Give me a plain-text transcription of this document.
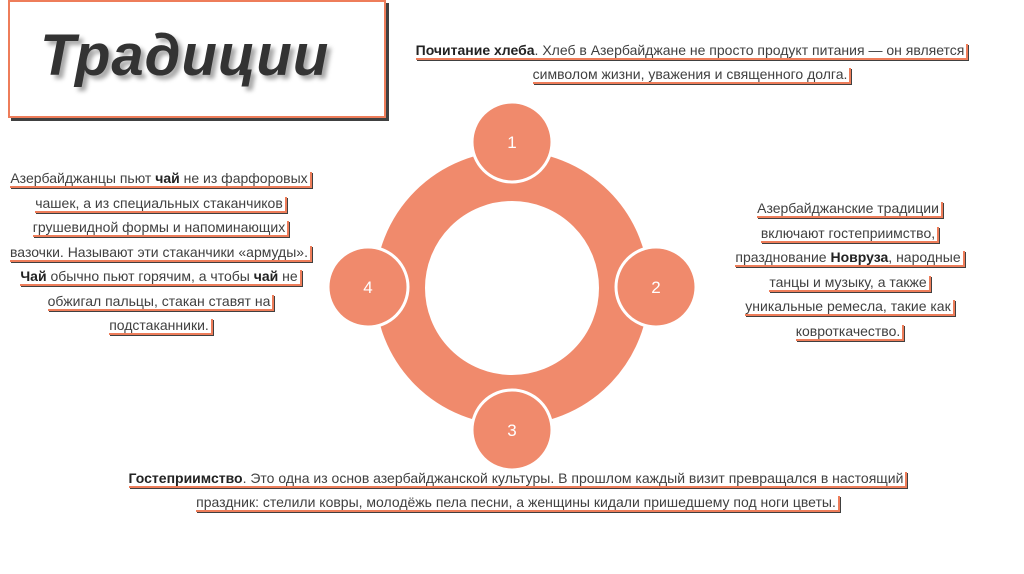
Традиции	Почитание хлеба. Хлеб в Азербайджане не просто продукт питания — он является символом жизни, уважения и священного долга.
Азербайджанцы пьют чай не из фарфоровых чашек, а из специальных стаканчиков грушевидной формы и напоминающих вазочки. Называют эти стаканчики «армуды». Чай обычно пьют горячим, а чтобы чай не обжигал пальцы, стакан ставят на подстаканники.
Азербайджанские традиции включают гостеприимство, празднование Новруза, народные танцы и музыку, а также уникальные ремесла, такие как ковроткачество.
Гостеприимство. Это одна из основ азербайджанской культуры. В прошлом каждый визит превращался в настоящий праздник: стелили ковры, молодёжь пела песни, а женщины кидали пришедшему под ноги цветы.
1
2
3
4
